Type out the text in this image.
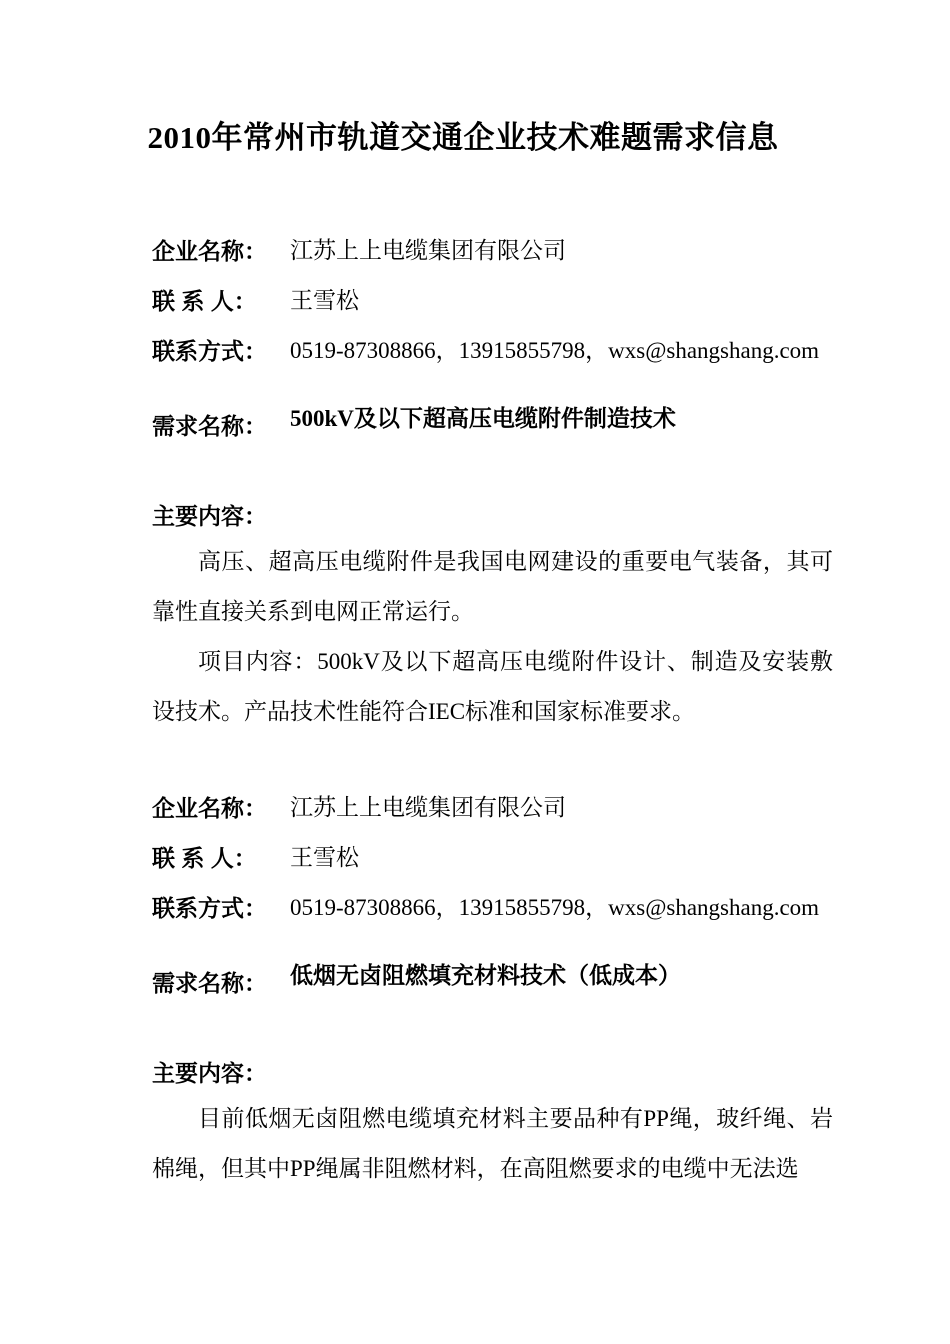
2010年常州市轨道交通企业技术难题需求信息
企业名称：	江苏上上电缆集团有限公司
联 系 人：	王雪松
联系方式：	0519-87308866，13915855798，wxs@shangshang.com
需求名称：	500kV及以下超高压电缆附件制造技术
主要内容：

高压、超高压电缆附件是我国电网建设的重要电气装备，其可靠性直接关系到电网正常运行。

项目内容：500kV及以下超高压电缆附件设计、制造及安装敷设技术。产品技术性能符合IEC标准和国家标准要求。

企业名称：	江苏上上电缆集团有限公司
联 系 人：	王雪松
联系方式：	0519-87308866，13915855798，wxs@shangshang.com
需求名称：	低烟无卤阻燃填充材料技术（低成本）
主要内容：

目前低烟无卤阻燃电缆填充材料主要品种有PP绳，玻纤绳、岩棉绳，但其中PP绳属非阻燃材料，在高阻燃要求的电缆中无法选
